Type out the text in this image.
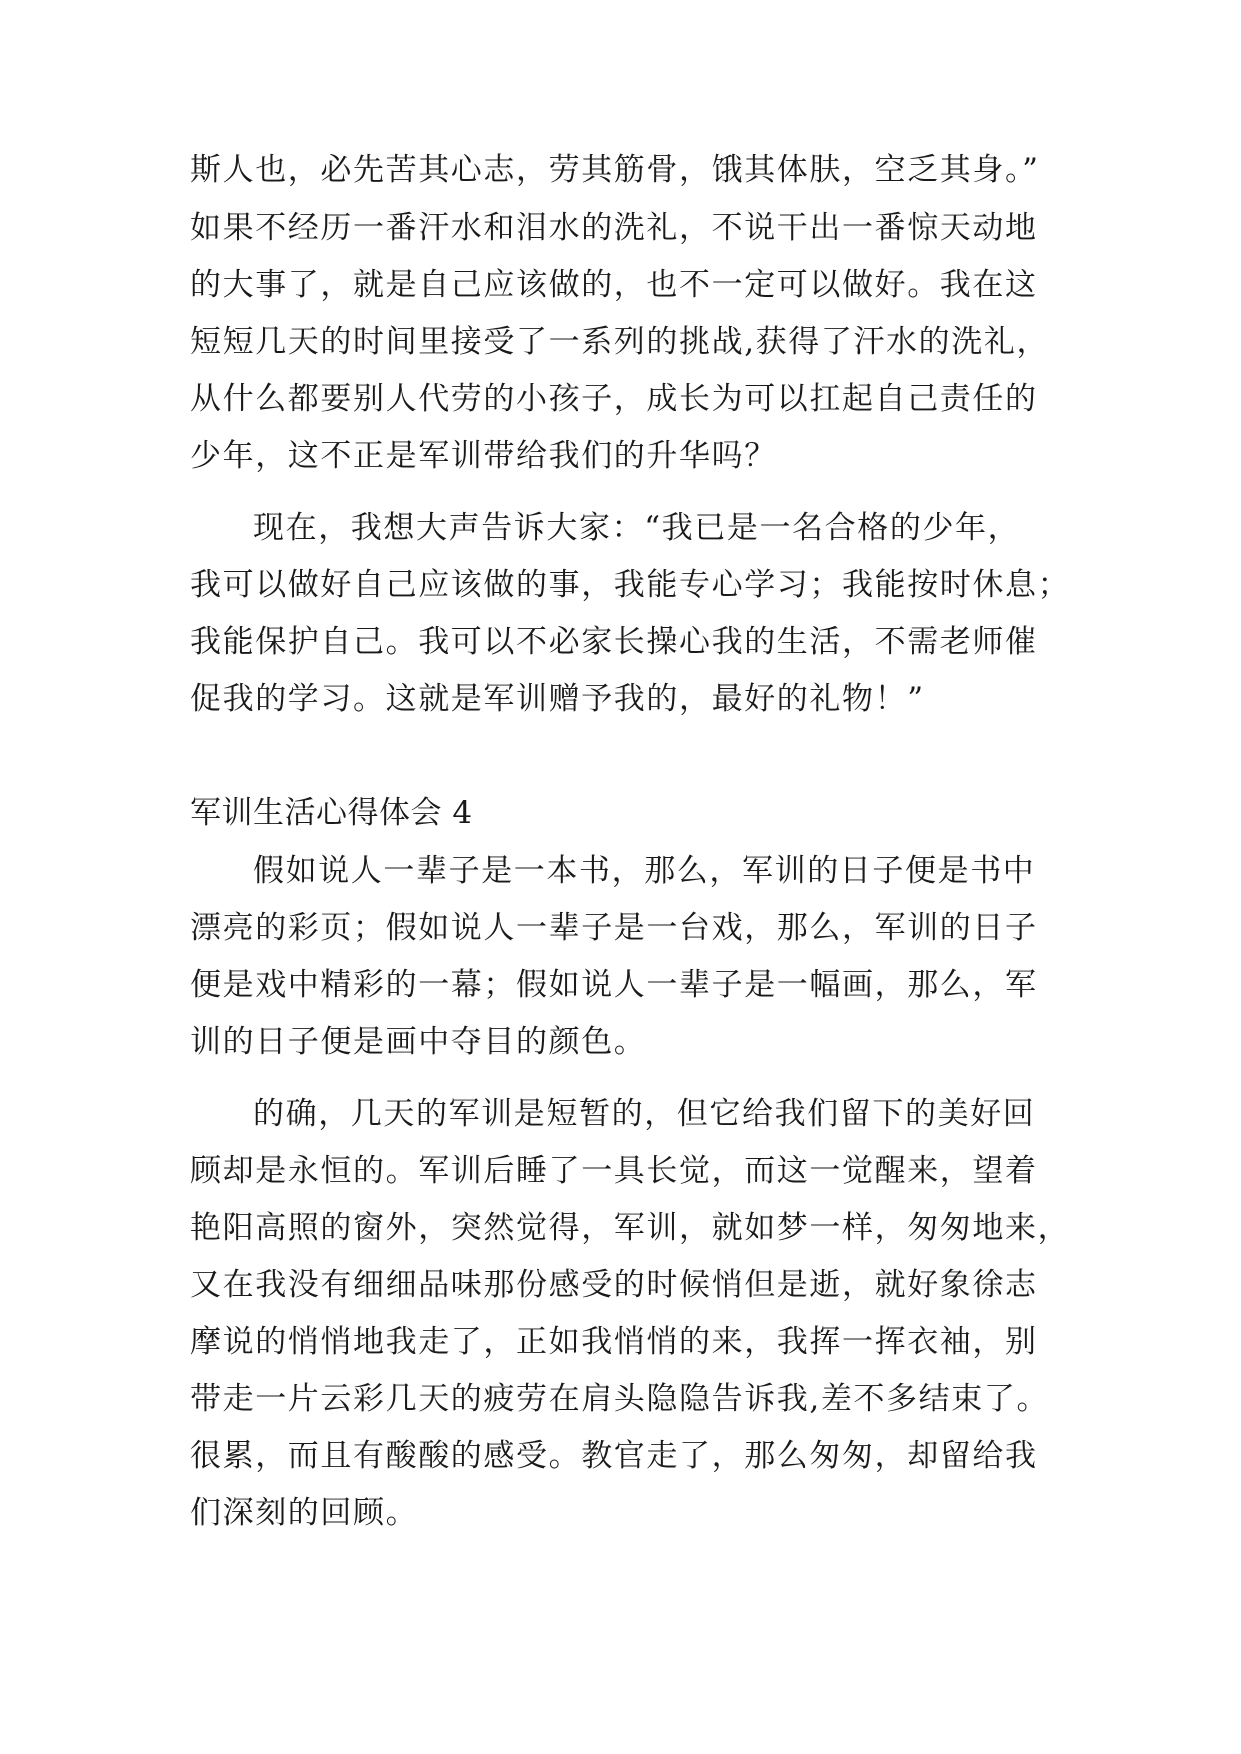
斯人也，必先苦其心志，劳其筋骨，饿其体肤，空乏其身。”
如果不经历一番汗水和泪水的洗礼，不说干出一番惊天动地
的大事了，就是自己应该做的，也不一定可以做好。我在这
短短几天的时间里接受了一系列的挑战,获得了汗水的洗礼，
从什么都要别人代劳的小孩子，成长为可以扛起自己责任的
少年，这不正是军训带给我们的升华吗？
现在，我想大声告诉大家：“我已是一名合格的少年，
我可以做好自己应该做的事，我能专心学习；我能按时休息；
我能保护自己。我可以不必家长操心我的生活，不需老师催
促我的学习。这就是军训赠予我的，最好的礼物！”
军训生活心得体会 4
假如说人一辈子是一本书，那么，军训的日子便是书中
漂亮的彩页；假如说人一辈子是一台戏，那么，军训的日子
便是戏中精彩的一幕；假如说人一辈子是一幅画，那么，军
训的日子便是画中夺目的颜色。
的确，几天的军训是短暂的，但它给我们留下的美好回
顾却是永恒的。军训后睡了一具长觉，而这一觉醒来，望着
艳阳高照的窗外，突然觉得，军训，就如梦一样，匆匆地来，
又在我没有细细品味那份感受的时候悄但是逝，就好象徐志
摩说的悄悄地我走了，正如我悄悄的来，我挥一挥衣袖，别
带走一片云彩几天的疲劳在肩头隐隐告诉我,差不多结束了。
很累，而且有酸酸的感受。教官走了，那么匆匆，却留给我
们深刻的回顾。
